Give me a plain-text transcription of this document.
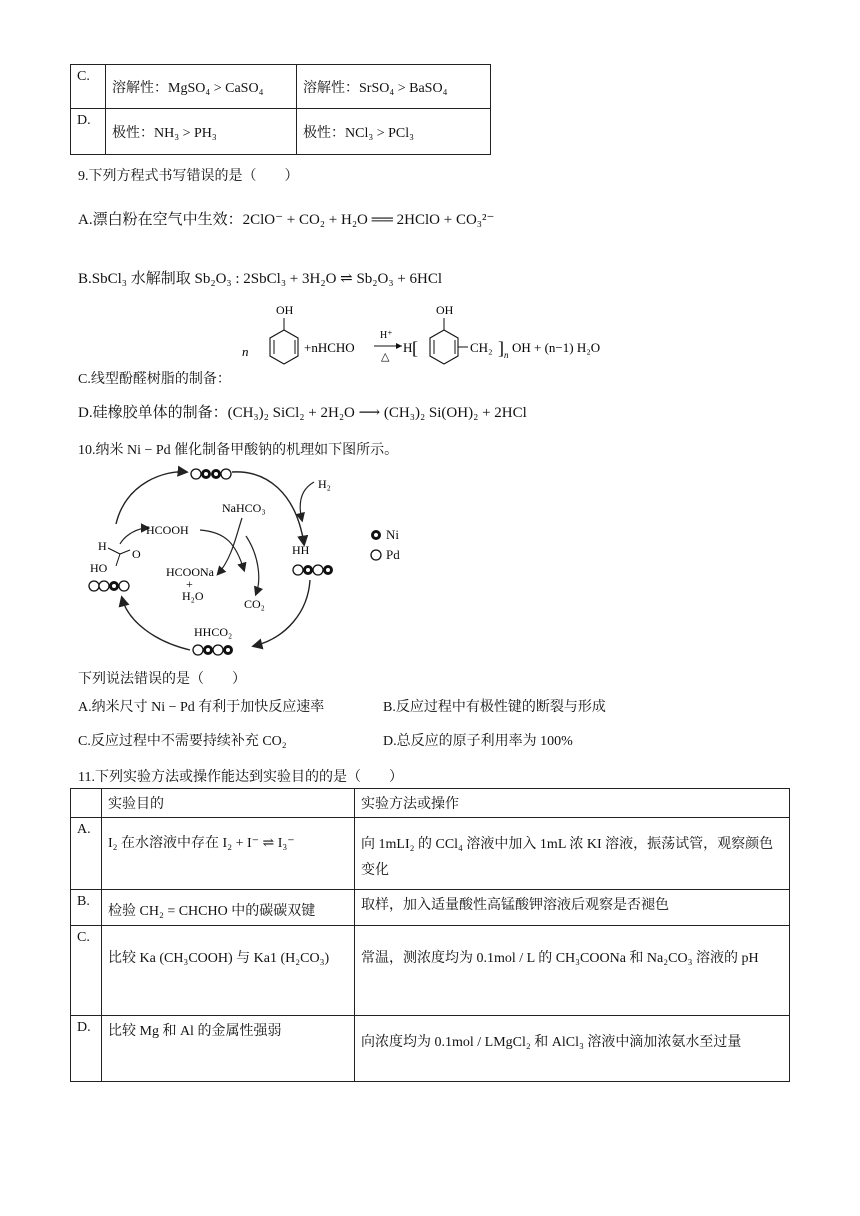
C.	溶解性：MgSO₄ > CaSO₄	溶解性：SrSO₄ > BaSO₄
D.	极性：NH₃ > PH₃	极性：NCl₃ > PCl₃
9.下列方程式书写错误的是（　　）
A.漂白粉在空气中生效：2ClO⁻ + CO₂ + H₂O ══ 2HClO + CO₃²⁻
B.SbCl₃ 水解制取 Sb₂O₃ : 2SbCl₃ + 3H₂O ⇌ Sb₂O₃ + 6HCl
C.线型酚醛树脂的制备：
n
OH
+nHCHO
H⁺
△
H [
OH
CH₂ ] n OH + (n−1) H₂O
D.硅橡胶单体的制备：(CH₃)₂ SiCl₂ + 2H₂O ⟶ (CH₃)₂ Si(OH)₂ + 2HCl
10.纳米 Ni − Pd 催化制备甲酸钠的机理如下图所示。
H₂
NaHCO₃
HCOOH
HH
H
O
HO	HCOONa
+
H₂O
CO₂
HHCO₂
Ni
Pd
下列说法错误的是（　　）
A.纳米尺寸 Ni − Pd 有利于加快反应速率	B.反应过程中有极性键的断裂与形成
C.反应过程中不需要持续补充 CO₂	D.总反应的原子利用率为 100%
11.下列实验方法或操作能达到实验目的的是（　　）
	实验目的	实验方法或操作
A.	I₂ 在水溶液中存在 I₂ + I⁻ ⇌ I₃⁻	向 1mLI₂ 的 CCl₄ 溶液中加入 1mL 浓 KI 溶液，振荡试管，观察颜色变化
B.	检验 CH₂ = CHCHO 中的碳碳双键	取样，加入适量酸性高锰酸钾溶液后观察是否褪色
C.	比较 Ka (CH₃COOH) 与 Ka1 (H₂CO₃)	常温，测浓度均为 0.1mol / L 的 CH₃COONa 和 Na₂CO₃ 溶液的 pH
D.	比较 Mg 和 Al 的金属性强弱	向浓度均为 0.1mol / LMgCl₂ 和 AlCl₃ 溶液中滴加浓氨水至过量
